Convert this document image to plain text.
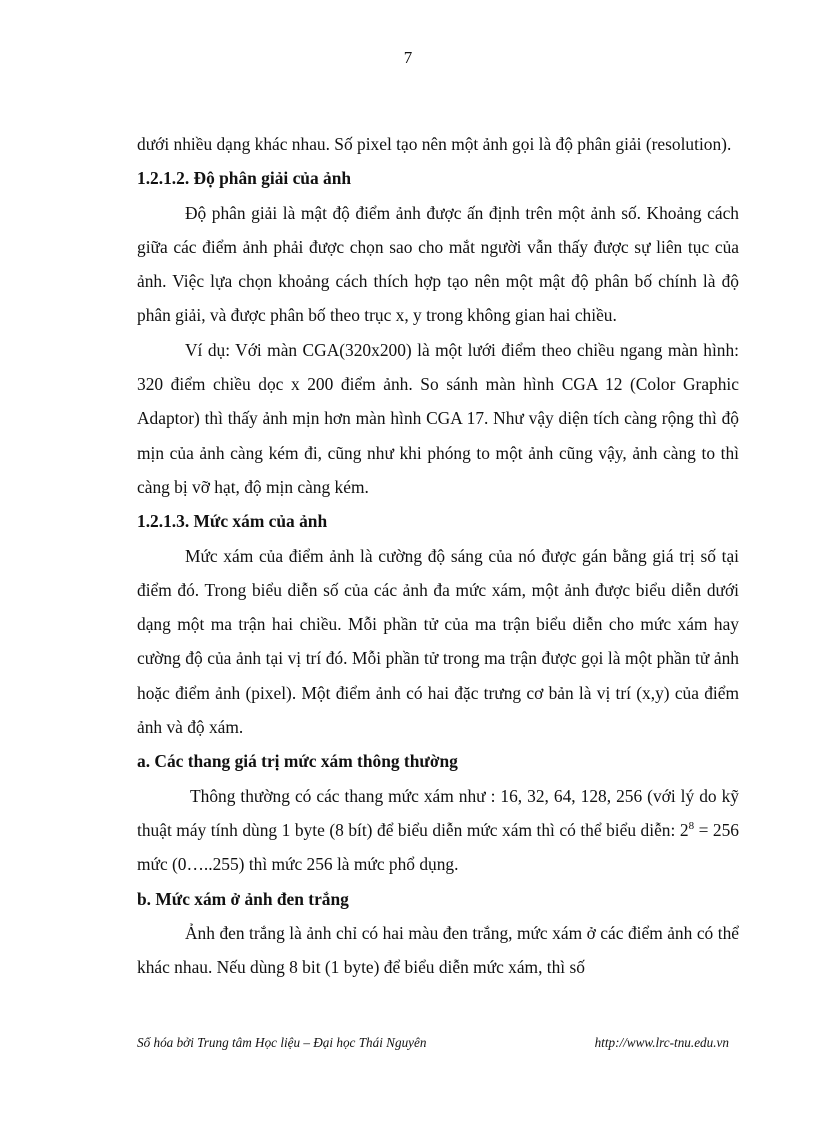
7

dưới nhiều dạng khác nhau. Số pixel tạo nên một ảnh gọi là độ phân giải (resolution).

1.2.1.2. Độ phân giải của ảnh

Độ phân giải là mật độ điểm ảnh được ấn định trên một ảnh số. Khoảng cách giữa các điểm ảnh phải được chọn sao cho mắt người vẫn thấy được sự liên tục của ảnh. Việc lựa chọn khoảng cách thích hợp tạo nên một mật độ phân bố chính là độ phân giải, và được phân bố theo trục x, y trong không gian hai chiều.

Ví dụ: Với màn CGA(320x200) là một lưới điểm theo chiều ngang màn hình: 320 điểm chiều dọc x 200 điểm ảnh. So sánh màn hình CGA 12 (Color Graphic Adaptor) thì thấy ảnh mịn hơn màn hình CGA 17. Như vậy diện tích càng rộng thì độ mịn của ảnh càng kém đi, cũng như khi phóng to một ảnh cũng vậy, ảnh càng to thì càng bị vỡ hạt, độ mịn càng kém.

1.2.1.3. Mức xám của ảnh

Mức xám của điểm ảnh là cường độ sáng của nó được gán bằng giá trị số tại điểm đó. Trong biểu diễn số của các ảnh đa mức xám, một ảnh được biểu diễn dưới dạng một ma trận hai chiều. Mỗi phần tử của ma trận biểu diễn cho mức xám hay cường độ của ảnh tại vị trí đó. Mỗi phần tử trong ma trận được gọi là một phần tử ảnh hoặc điểm ảnh (pixel). Một điểm ảnh có hai đặc trưng cơ bản là vị trí (x,y) của điểm ảnh và độ xám.

a. Các thang giá trị mức xám thông thường

Thông thường có các thang mức xám như : 16, 32, 64, 128, 256 (với lý do kỹ thuật máy tính dùng 1 byte (8 bít) để biểu diễn mức xám thì có thể biểu diễn: $2^8 = 256$ mức (0…..255) thì mức 256 là mức phổ dụng.

b. Mức xám ở ảnh đen trắng

Ảnh đen trắng là ảnh chỉ có hai màu đen trắng, mức xám ở các điểm ảnh có thể khác nhau. Nếu dùng 8 bit (1 byte) để biểu diễn mức xám, thì số

Số hóa bởi Trung tâm Học liệu – Đại học Thái Nguyên	http://www.lrc-tnu.edu.vn
